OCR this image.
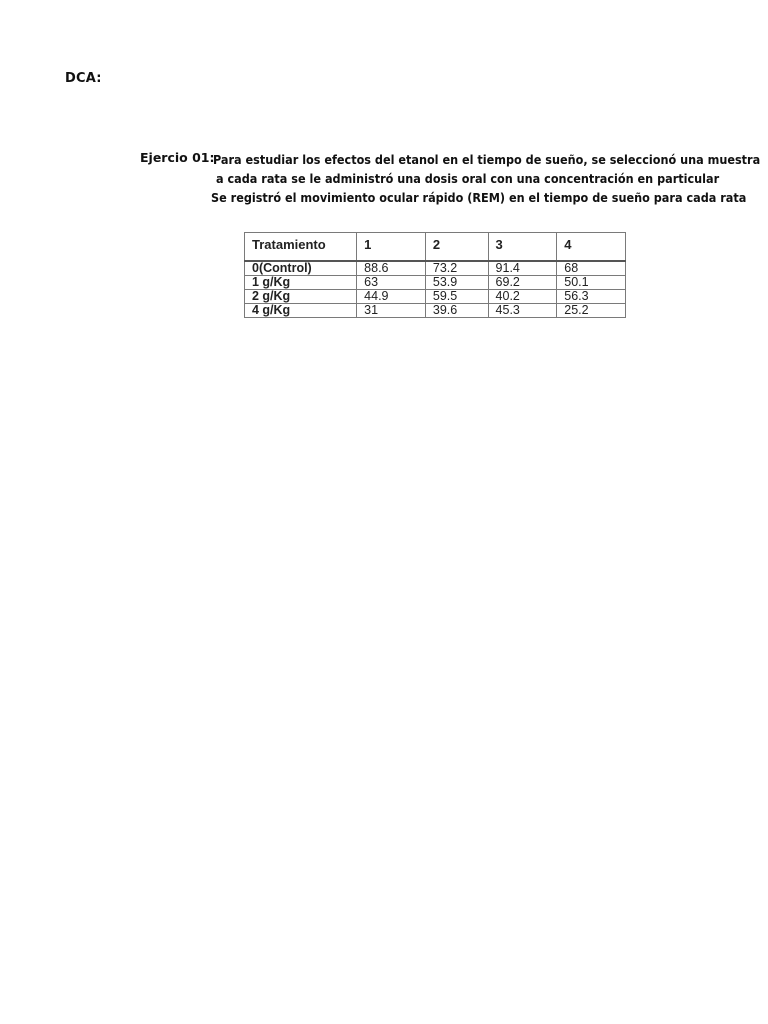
DCA:
Ejercio 01:
Para estudiar los efectos del etanol en el tiempo de sueño, se seleccionó una muestra
a cada rata se le administró una dosis oral con una concentración en particular
Se registró el movimiento ocular rápido (REM) en el tiempo de sueño para cada rata
Tratamiento	1	2	3	4
0(Control)	88.6	73.2	91.4	68
1 g/Kg	63	53.9	69.2	50.1
2 g/Kg	44.9	59.5	40.2	56.3
4 g/Kg	31	39.6	45.3	25.2
